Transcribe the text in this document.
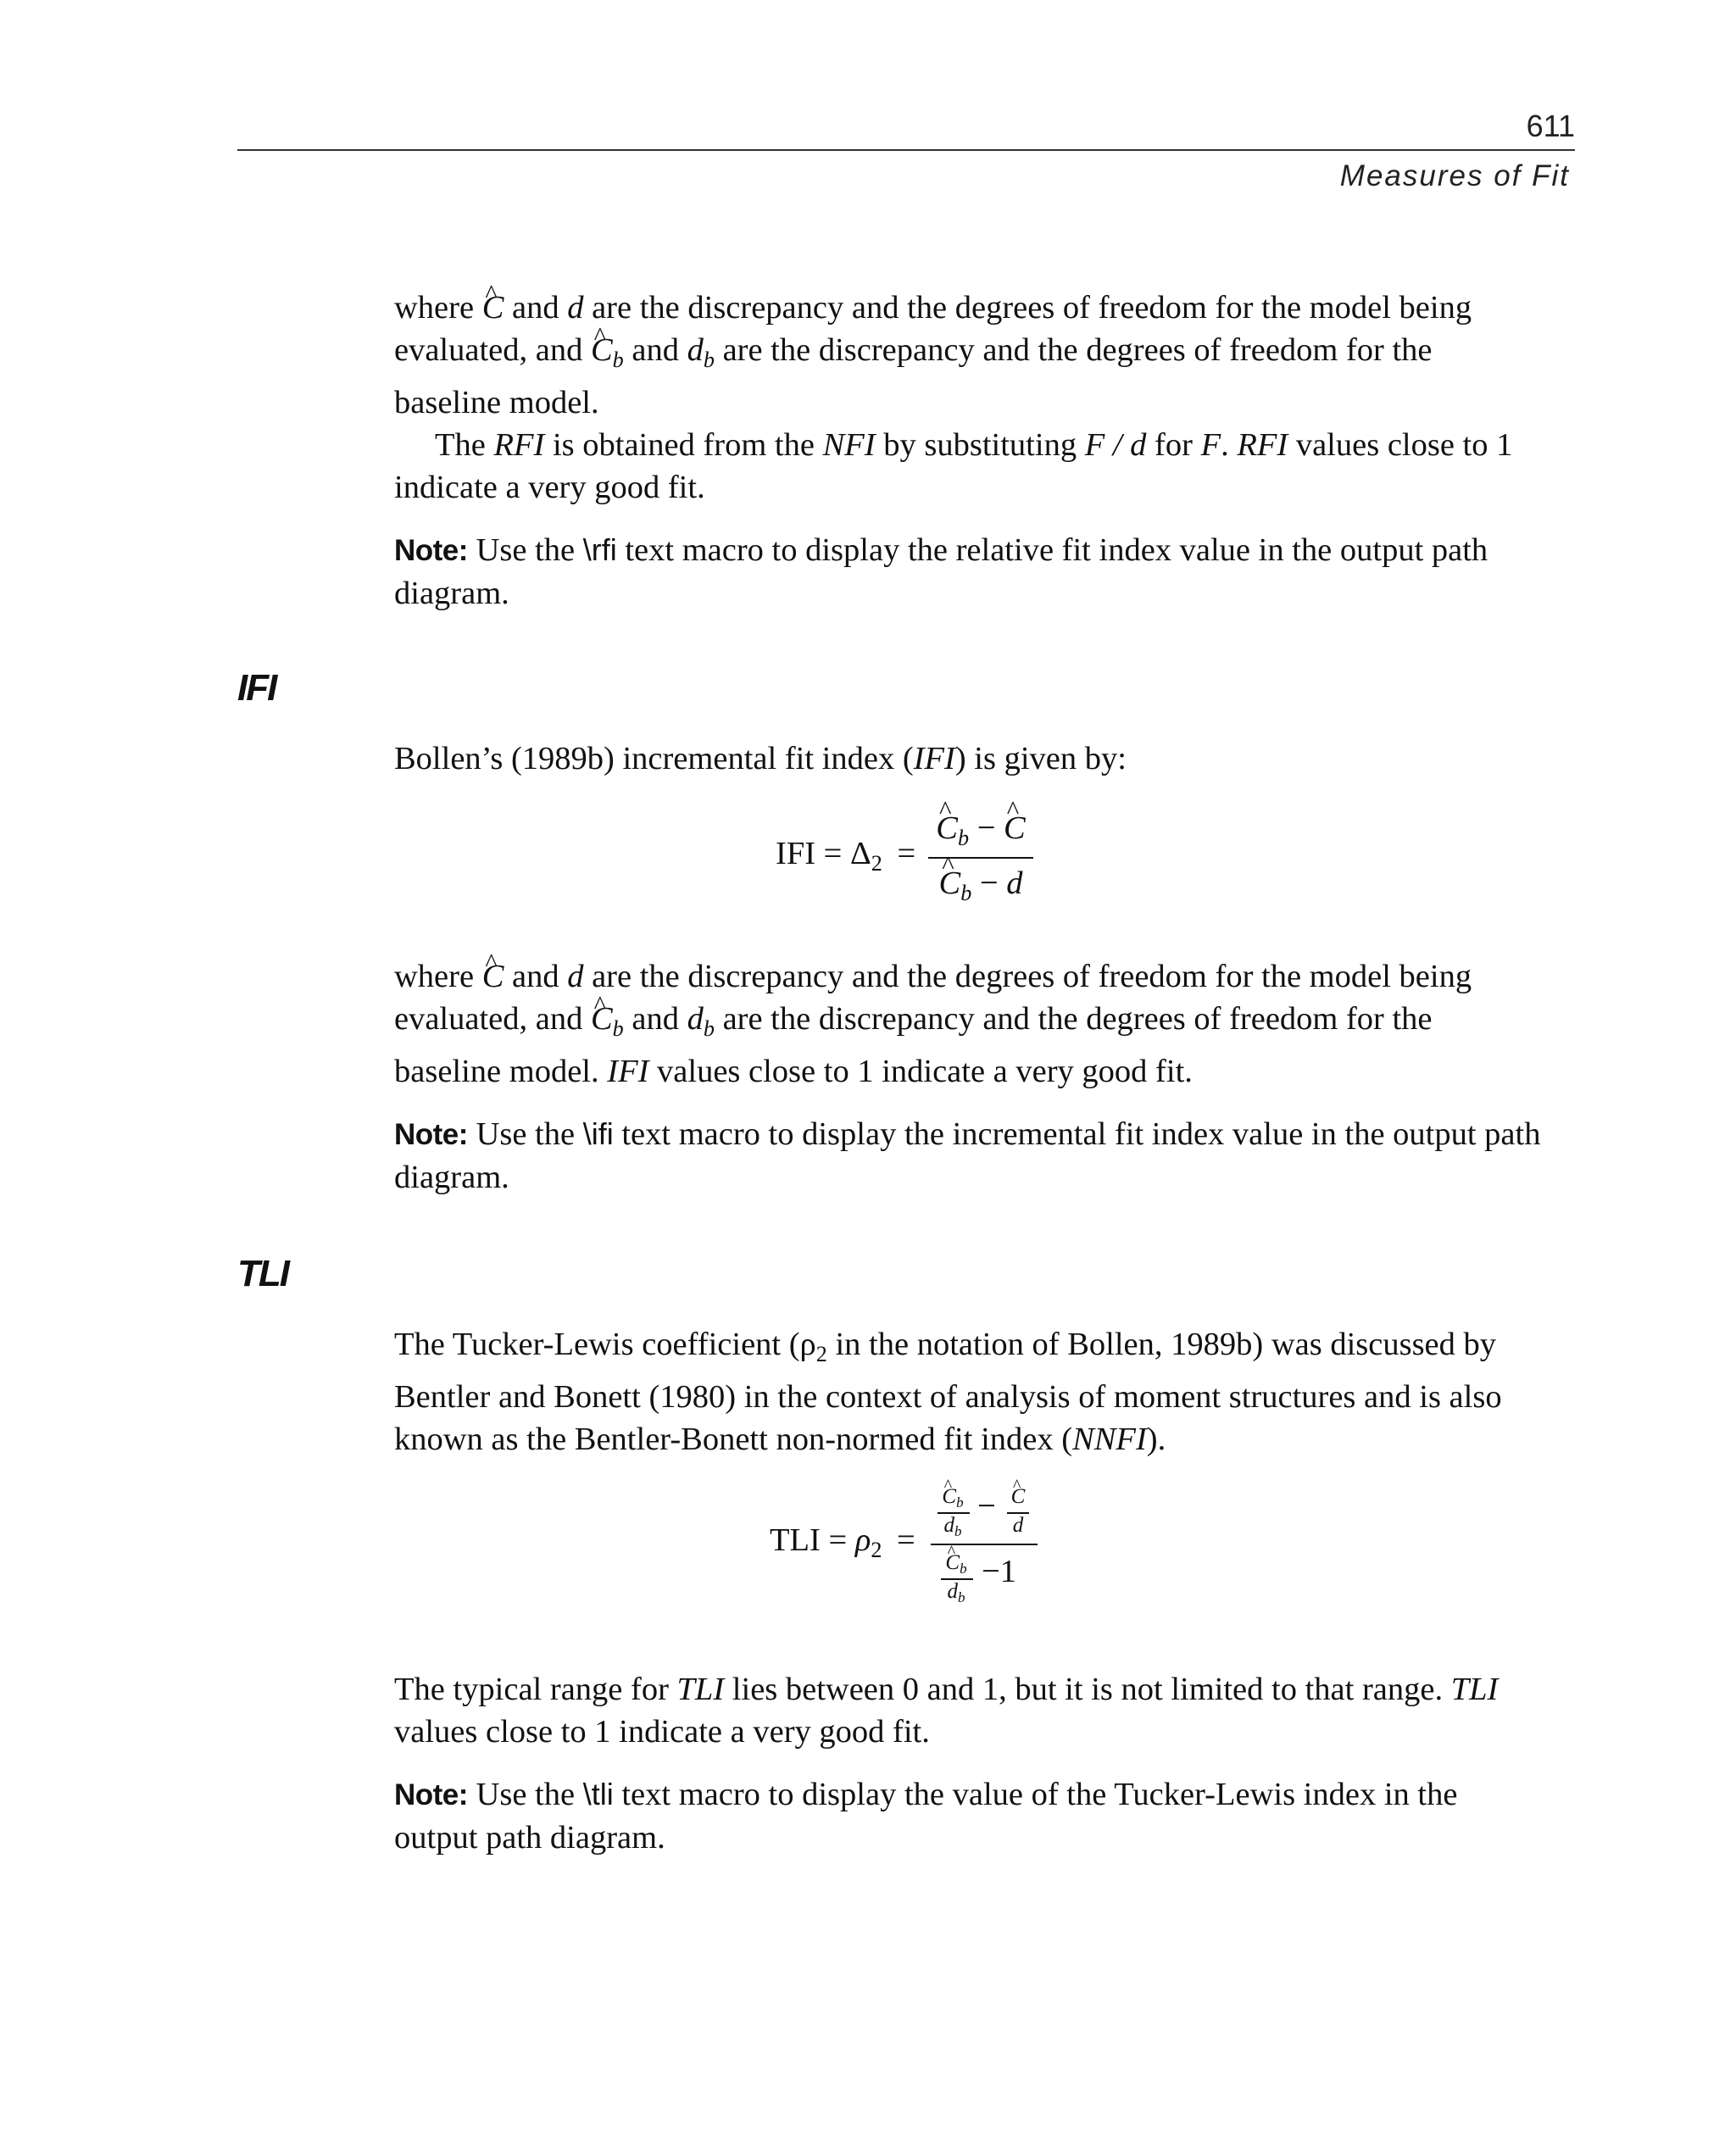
611
Measures of Fit

where ^ C and d are the discrepancy and the degrees of freedom for the model being
evaluated, and ^ $C_b$ and $d_b$ are the discrepancy and the degrees of freedom for the
baseline model.

The RFI is obtained from the NFI by substituting F / d for F. RFI values close to 1
indicate a very good fit.

Note: Use the \rfi text macro to display the relative fit index value in the output path
diagram.

IFI

Bollen’s (1989b) incremental fit index (IFI) is given by:

IFI = $\Delta_2$ =
^ $C_b$ − ^ C
^ $C_b - d$

where ^ C and d are the discrepancy and the degrees of freedom for the model being
evaluated, and ^ $C_b$ and $d_b$ are the discrepancy and the degrees of freedom for the
baseline model. IFI values close to 1 indicate a very good fit.

Note: Use the \ifi text macro to display the incremental fit index value in the output path
diagram.

TLI

The Tucker-Lewis coefficient ($\rho_2$ in the notation of Bollen, 1989b) was discussed by
Bentler and Bonett (1980) in the context of analysis of moment structures and is also
known as the Bentler-Bonett non-normed fit index (NNFI).

TLI = $\rho_2$ =
^ $C_b$
$d_b$
− ^ C
d
^ $C_b$
$d_b$
−1

The typical range for TLI lies between 0 and 1, but it is not limited to that range. TLI
values close to 1 indicate a very good fit.

Note: Use the \tli text macro to display the value of the Tucker-Lewis index in the
output path diagram.
